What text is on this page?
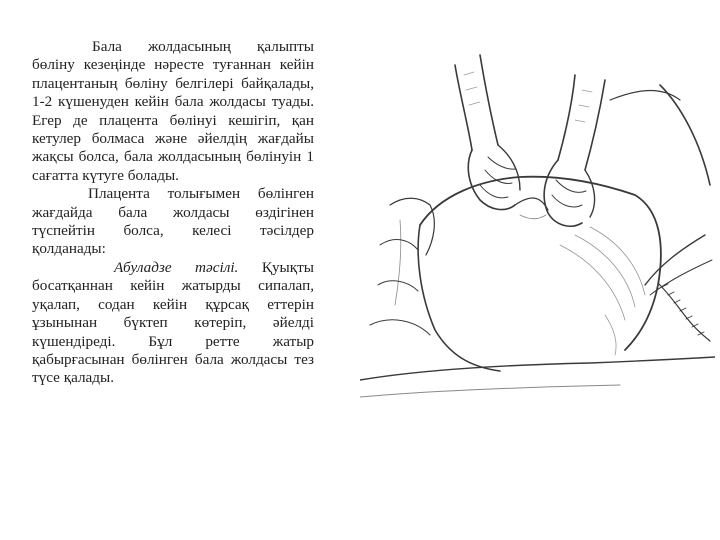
Бала жолдасының қалыпты бөліну кезеңінде нәресте туғаннан кейін плацентаның бөліну белгілері байқалады, 1-2 күшенуден кейін бала жолдасы туады. Егер де плацента бөлінуі кешігіп, қан кетулер болмаса және әйелдің жағдайы жақсы болса, бала жолдасының бөлінуін 1 сағатта күтуге болады.

Плацента толығымен бөлінген жағдайда бала жолдасы өздігінен түспейтін болса, келесі тәсілдер қолданады:

Абуладзе тәсілі. Қуықты босатқаннан кейін жатырды сипалап, уқалап, содан кейін құрсақ еттерін ұзынынан бүктеп көтеріп, әйелді күшендіреді. Бұл ретте жатыр қабырғасынан бөлінген бала жолдасы тез түсе қалады.
